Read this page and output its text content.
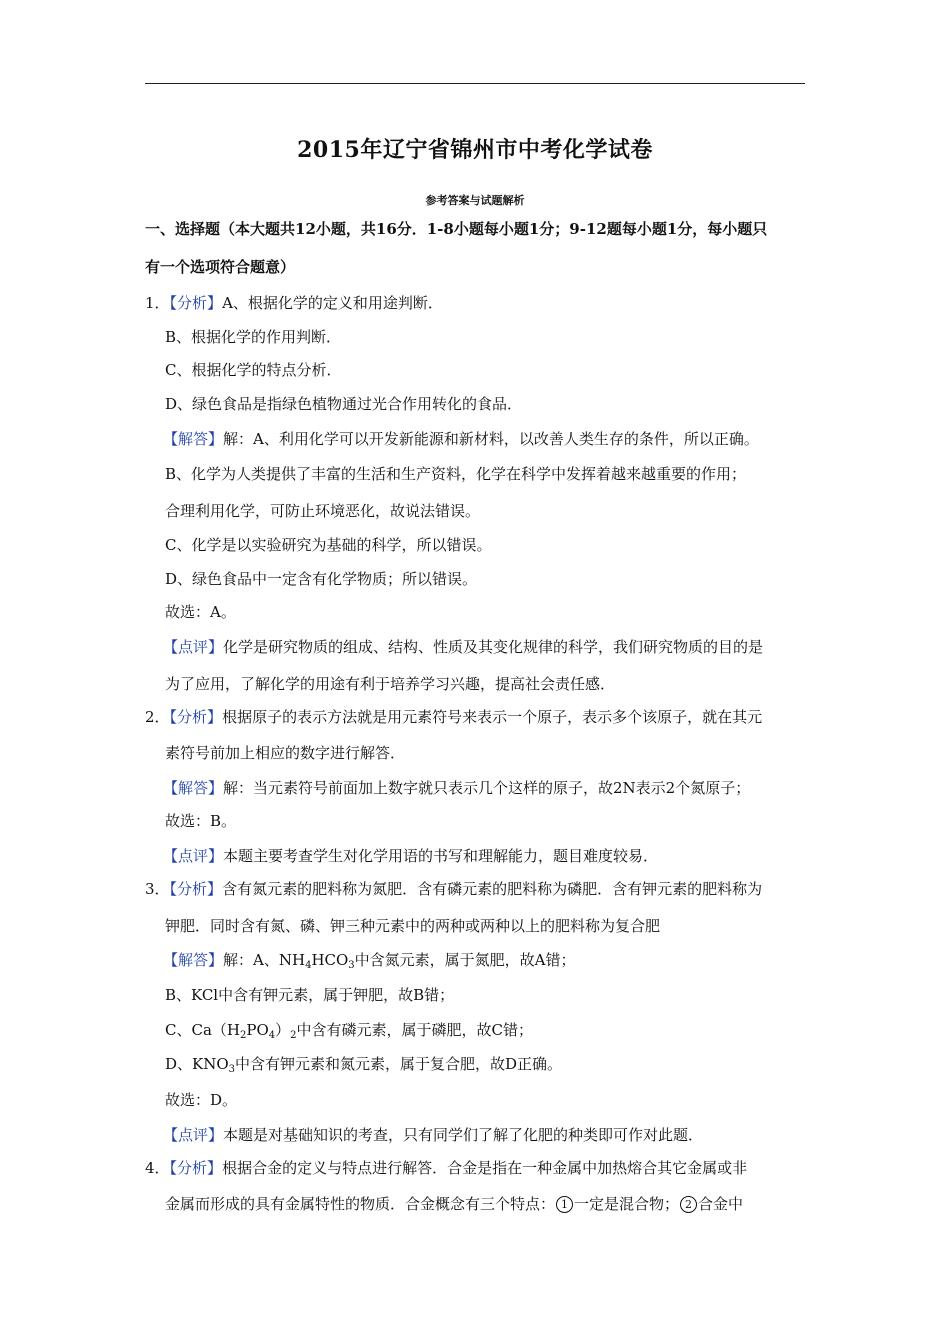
2015年辽宁省锦州市中考化学试卷
参考答案与试题解析
一、选择题（本大题共12小题，共16分．1-8小题每小题1分；9-12题每小题1分，每小题只
有一个选项符合题意）
1．【分析】A、根据化学的定义和用途判断．
B、根据化学的作用判断．
C、根据化学的特点分析．
D、绿色食品是指绿色植物通过光合作用转化的食品．
【解答】解：A、利用化学可以开发新能源和新材料，以改善人类生存的条件，所以正确。
B、化学为人类提供了丰富的生活和生产资料，化学在科学中发挥着越来越重要的作用；
合理利用化学，可防止环境恶化，故说法错误。
C、化学是以实验研究为基础的科学，所以错误。
D、绿色食品中一定含有化学物质；所以错误。
故选：A。
【点评】化学是研究物质的组成、结构、性质及其变化规律的科学，我们研究物质的目的是
为了应用，了解化学的用途有利于培养学习兴趣，提高社会责任感．
2．【分析】根据原子的表示方法就是用元素符号来表示一个原子，表示多个该原子，就在其元
素符号前加上相应的数字进行解答．
【解答】解：当元素符号前面加上数字就只表示几个这样的原子，故2N表示2个氮原子；
故选：B。
【点评】本题主要考查学生对化学用语的书写和理解能力，题目难度较易．
3．【分析】含有氮元素的肥料称为氮肥．含有磷元素的肥料称为磷肥．含有钾元素的肥料称为
钾肥．同时含有氮、磷、钾三种元素中的两种或两种以上的肥料称为复合肥
【解答】解：A、$NH_4HCO_3$中含氮元素，属于氮肥，故A错；
B、KCl中含有钾元素，属于钾肥，故B错；
C、$Ca(H_2PO_4)_2$中含有磷元素，属于磷肥，故C错；
D、$KNO_3$中含有钾元素和氮元素，属于复合肥，故D正确。
故选：D。
【点评】本题是对基础知识的考查，只有同学们了解了化肥的种类即可作对此题．
4．【分析】根据合金的定义与特点进行解答．合金是指在一种金属中加热熔合其它金属或非
金属而形成的具有金属特性的物质．合金概念有三个特点： 1 一定是混合物； 2 合金中
